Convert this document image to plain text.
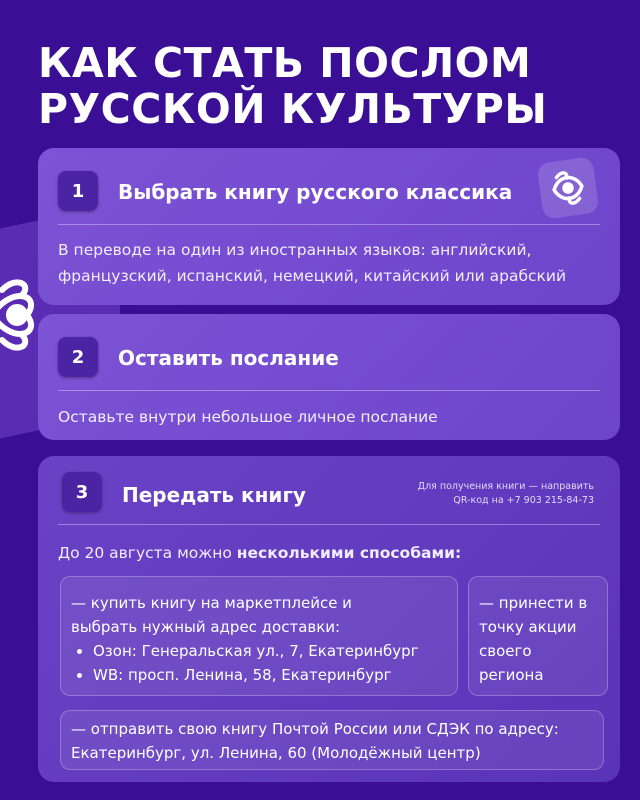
КАК СТАТЬ ПОСЛОМ РУССКОЙ КУЛЬТУРЫ
1	Выбрать книгу русского классика
В переводе на один из иностранных языков: английский, французский, испанский, немецкий, китайский или арабский
2	Оставить послание
Оставьте внутри небольшое личное послание
3	Передать книгу
До 20 августа можно несколькими способами:
— купить книгу на маркетплейсе и выбрать нужный адрес доставки:
• Озон: Генеральская ул., 7, Екатеринбург
• WB: просп. Ленина, 58, Екатеринбург
— принести в точку акции своего региона
— отправить свою книгу Почтой России или СДЭК по адресу: Екатеринбург, ул. Ленина, 60 (Молодёжный центр)
Для получения книги — направить
QR-код на +7 903 215-84-73
